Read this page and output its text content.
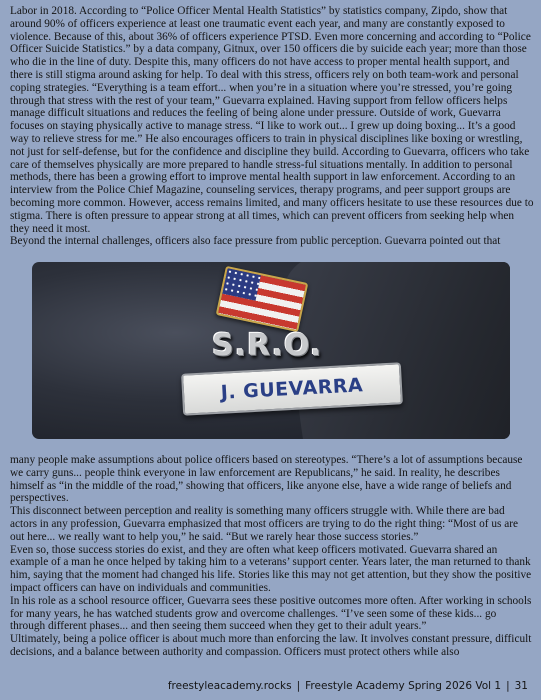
Labor in 2018. According to “Police Officer Mental Health Statistics” by statistics company, Zipdo, show that around 90% of officers experience at least one traumatic event each year, and many are constantly exposed to violence. Because of this, about 36% of officers experience PTSD. Even more concerning and according to “Police Officer Suicide Statistics.” by a data company, Gitnux, over 150 officers die by suicide each year; more than those who die in the line of duty. Despite this, many officers do not have access to proper mental health support, and there is still stigma around asking for help. To deal with this stress, officers rely on both team-work and personal coping strategies. “Everything is a team effort... when you’re in a situation where you’re stressed, you’re going through that stress with the rest of your team,” Guevarra explained. Having support from fellow officers helps manage difficult situations and reduces the feeling of being alone under pressure. Outside of work, Guevarra focuses on staying physically active to manage stress. “I like to work out... I grew up doing boxing... It’s a good way to relieve stress for me.” He also encourages officers to train in physical disciplines like boxing or wrestling, not just for self-defense, but for the confidence and discipline they build. According to Guevarra, officers who take care of themselves physically are more prepared to handle stress-ful situations mentally. In addition to personal methods, there has been a growing effort to improve mental health support in law enforcement. According to an interview from the Police Chief Magazine, counseling services, therapy programs, and peer support groups are becoming more common. However, access remains limited, and many officers hesitate to use these resources due to stigma. There is often pressure to appear strong at all times, which can prevent officers from seeking help when they need it most.

Beyond the internal challenges, officers also face pressure from public perception. Guevarra pointed out that

S.R.O.
J. GUEVARRA

many people make assumptions about police officers based on stereotypes. “There’s a lot of assumptions because we carry guns... people think everyone in law enforcement are Republicans,” he said. In reality, he describes himself as “in the middle of the road,” showing that officers, like anyone else, have a wide range of beliefs and perspectives.

This disconnect between perception and reality is something many officers struggle with. While there are bad actors in any profession, Guevarra emphasized that most officers are trying to do the right thing: “Most of us are out here... we really want to help you,” he said. “But we rarely hear those success stories.”

Even so, those success stories do exist, and they are often what keep officers motivated. Guevarra shared an example of a man he once helped by taking him to a veterans’ support center. Years later, the man returned to thank him, saying that the moment had changed his life. Stories like this may not get attention, but they show the positive impact officers can have on individuals and communities.

In his role as a school resource officer, Guevarra sees these positive outcomes more often. After working in schools for many years, he has watched students grow and overcome challenges. “I’ve seen some of these kids... go through different phases... and then seeing them succeed when they get to their adult years.”

Ultimately, being a police officer is about much more than enforcing the law. It involves constant pressure, difficult decisions, and a balance between authority and compassion. Officers must protect others while also

freestyleacademy.rocks | Freestyle Academy Spring 2026 Vol 1 | 31
